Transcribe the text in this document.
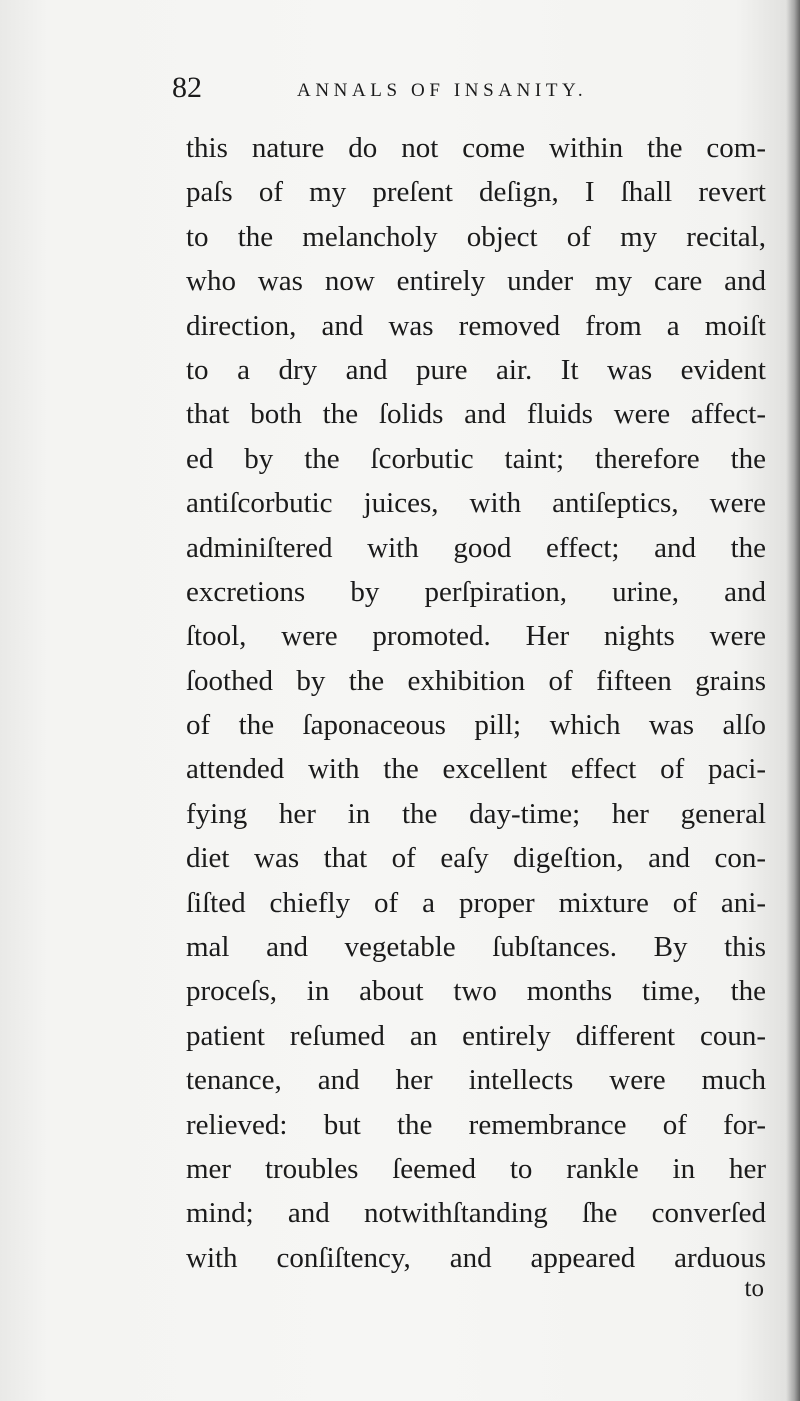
82	ANNALS OF INSANITY.
this nature do not come within the com-
paſs of my preſent deſign, I ſhall revert
to the melancholy object of my recital,
who was now entirely under my care and
direction, and was removed from a moiſt
to a dry and pure air. It was evident
that both the ſolids and fluids were affect-
ed by the ſcorbutic taint; therefore the
antiſcorbutic juices, with antiſeptics, were
adminiſtered with good effect; and the
excretions by perſpiration, urine, and
ſtool, were promoted. Her nights were
ſoothed by the exhibition of fifteen grains
of the ſaponaceous pill; which was alſo
attended with the excellent effect of paci-
fying her in the day-time; her general
diet was that of eaſy digeſtion, and con-
ſiſted chiefly of a proper mixture of ani-
mal and vegetable ſubſtances. By this
proceſs, in about two months time, the
patient reſumed an entirely different coun-
tenance, and her intellects were much
relieved: but the remembrance of for-
mer troubles ſeemed to rankle in her
mind; and notwithſtanding ſhe converſed
with conſiſtency, and appeared arduous
to
